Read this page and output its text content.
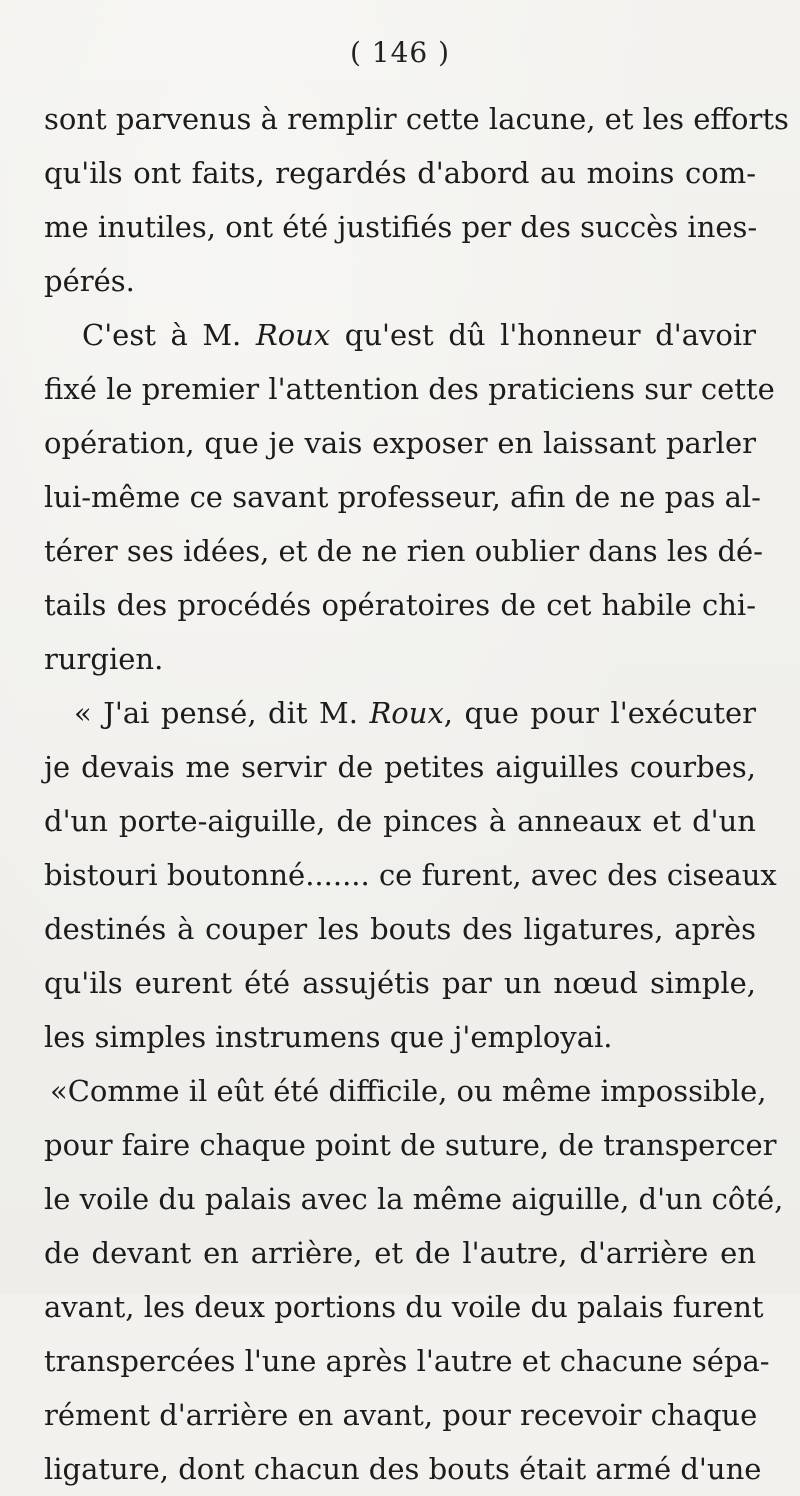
( 146 )
sont parvenus à remplir cette lacune, et les efforts
qu'ils ont faits, regardés d'abord au moins com-
me inutiles, ont été justifiés per des succès ines-
pérés.
C'est à M. Roux qu'est dû l'honneur d'avoir
fixé le premier l'attention des praticiens sur cette
opération, que je vais exposer en laissant parler
lui-même ce savant professeur, afin de ne pas al-
térer ses idées, et de ne rien oublier dans les dé-
tails des procédés opératoires de cet habile chi-
rurgien.
« J'ai pensé, dit M. Roux, que pour l'exécuter
je devais me servir de petites aiguilles courbes,
d'un porte-aiguille, de pinces à anneaux et d'un
bistouri boutonné....... ce furent, avec des ciseaux
destinés à couper les bouts des ligatures, après
qu'ils eurent été assujétis par un nœud simple,
les simples instrumens que j'employai.
«Comme il eût été difficile, ou même impossible,
pour faire chaque point de suture, de transpercer
le voile du palais avec la même aiguille, d'un côté,
de devant en arrière, et de l'autre, d'arrière en
avant, les deux portions du voile du palais furent
transpercées l'une après l'autre et chacune sépa-
rément d'arrière en avant, pour recevoir chaque
ligature, dont chacun des bouts était armé d'une
